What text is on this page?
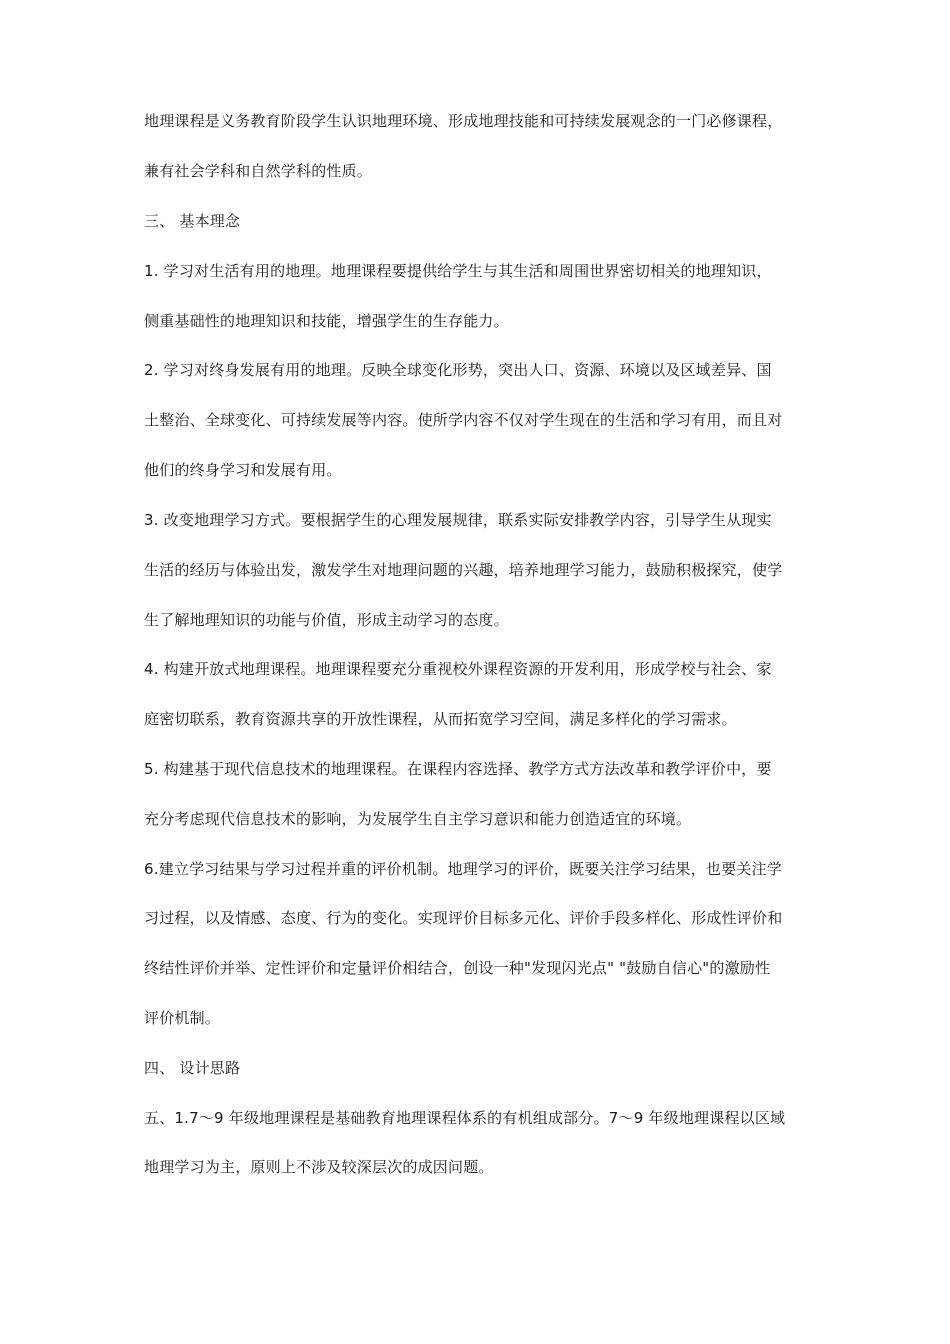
地理课程是义务教育阶段学生认识地理环境、形成地理技能和可持续发展观念的一门必修课程，
兼有社会学科和自然学科的性质。
三、 基本理念
1. 学习对生活有用的地理。地理课程要提供给学生与其生活和周围世界密切相关的地理知识，
侧重基础性的地理知识和技能，增强学生的生存能力。
2. 学习对终身发展有用的地理。反映全球变化形势，突出人口、资源、环境以及区域差异、国
土整治、全球变化、可持续发展等内容。使所学内容不仅对学生现在的生活和学习有用，而且对
他们的终身学习和发展有用。
3. 改变地理学习方式。要根据学生的心理发展规律，联系实际安排教学内容，引导学生从现实
生活的经历与体验出发，激发学生对地理问题的兴趣，培养地理学习能力，鼓励积极探究，使学
生了解地理知识的功能与价值，形成主动学习的态度。
4. 构建开放式地理课程。地理课程要充分重视校外课程资源的开发利用，形成学校与社会、家
庭密切联系，教育资源共享的开放性课程，从而拓宽学习空间，满足多样化的学习需求。
5. 构建基于现代信息技术的地理课程。在课程内容选择、教学方式方法改革和教学评价中，要
充分考虑现代信息技术的影响，为发展学生自主学习意识和能力创造适宜的环境。
6.建立学习结果与学习过程并重的评价机制。地理学习的评价，既要关注学习结果，也要关注学
习过程，以及情感、态度、行为的变化。实现评价目标多元化、评价手段多样化、形成性评价和
终结性评价并举、定性评价和定量评价相结合，创设一种"发现闪光点" "鼓励自信心"的激励性
评价机制。
四、 设计思路
五、1.7～9 年级地理课程是基础教育地理课程体系的有机组成部分。7～9 年级地理课程以区域
地理学习为主，原则上不涉及较深层次的成因问题。
